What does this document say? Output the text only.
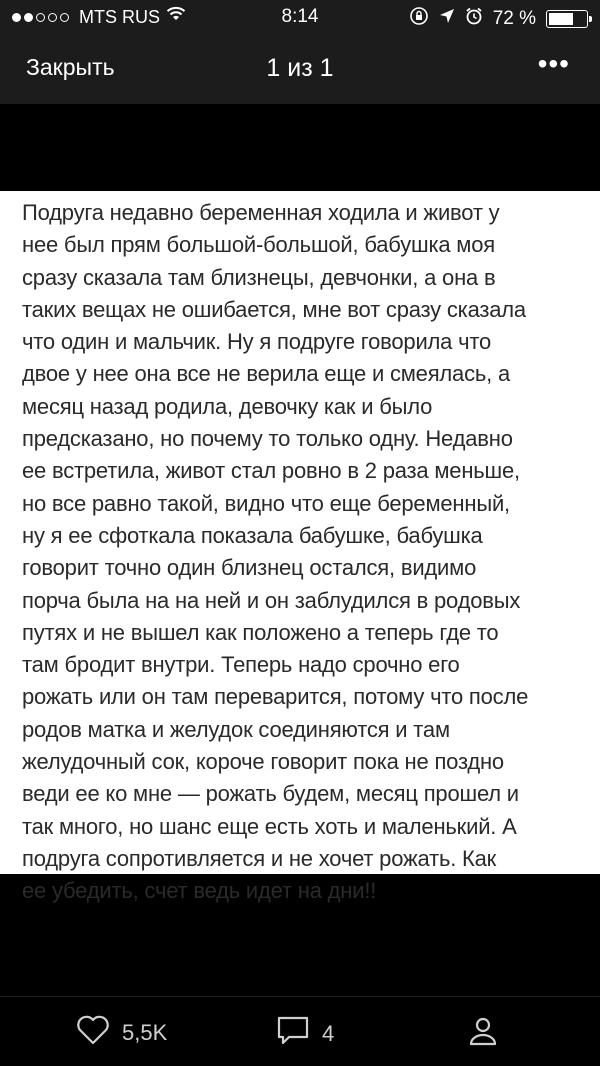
MTS RUS	8:14	72 %
Закрыть	1 из 1	•••
Подруга недавно беременная ходила и живот у
нее был прям большой-большой, бабушка моя
сразу сказала там близнецы, девчонки, а она в
таких вещах не ошибается, мне вот сразу сказала
что один и мальчик. Ну я подруге говорила что
двое у нее она все не верила еще и смеялась, а
месяц назад родила, девочку как и было
предсказано, но почему то только одну. Недавно
ее встретила, живот стал ровно в 2 раза меньше,
но все равно такой, видно что еще беременный,
ну я ее сфоткала показала бабушке, бабушка
говорит точно один близнец остался, видимо
порча была на на ней и он заблудился в родовых
путях и не вышел как положено а теперь где то
там бродит внутри. Теперь надо срочно его
рожать или он там переварится, потому что после
родов матка и желудок соединяются и там
желудочный сок, короче говорит пока не поздно
веди ее ко мне — рожать будем, месяц прошел и
так много, но шанс еще есть хоть и маленький. А
подруга сопротивляется и не хочет рожать. Как
ее убедить, счет ведь идет на дни!!
5,5K	4
